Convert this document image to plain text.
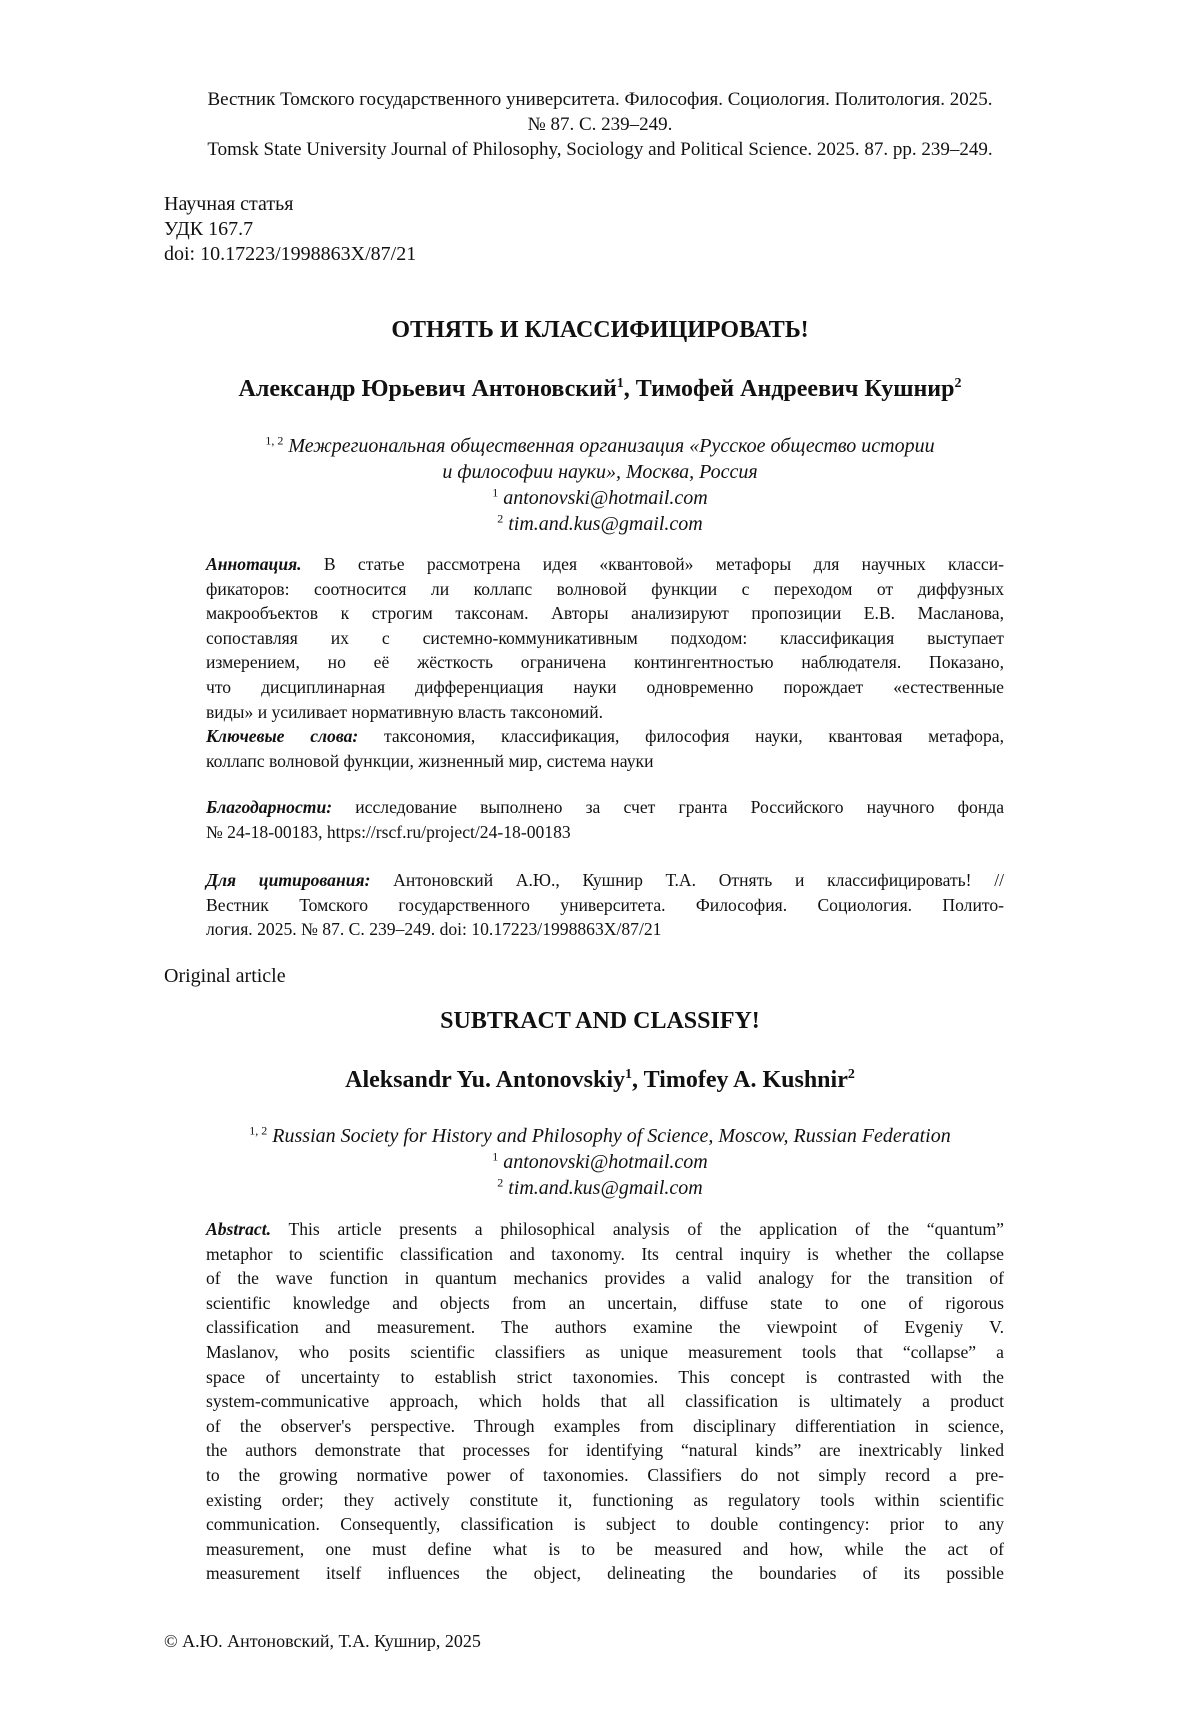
Вестник Томского государственного университета. Философия. Социология. Политология. 2025.
№ 87. С. 239–249.
Tomsk State University Journal of Philosophy, Sociology and Political Science. 2025. 87. pp. 239–249.
Научная статья
УДК 167.7
doi: 10.17223/1998863X/87/21
ОТНЯТЬ И КЛАССИФИЦИРОВАТЬ!
Александр Юрьевич Антоновский$^1$, Тимофей Андреевич Кушнир$^2$
$^{1, 2}$ Межрегиональная общественная организация «Русское общество истории
и философии науки», Москва, Россия
$^1$ antonovski@hotmail.com
$^2$ tim.and.kus@gmail.com
Аннотация. В статье рассмотрена идея «квантовой» метафоры для научных класси-
фикаторов: соотносится ли коллапс волновой функции с переходом от диффузных
макрообъектов к строгим таксонам. Авторы анализируют пропозиции Е.В. Масланова,
сопоставляя их с системно-коммуникативным подходом: классификация выступает
измерением, но её жёсткость ограничена контингентностью наблюдателя. Показано,
что дисциплинарная дифференциация науки одновременно порождает «естественные
виды» и усиливает нормативную власть таксономий.
Ключевые слова: таксономия, классификация, философия науки, квантовая метафора,
коллапс волновой функции, жизненный мир, система науки
Благодарности: исследование выполнено за счет гранта Российского научного фонда
№ 24-18-00183, https://rscf.ru/project/24-18-00183
Для цитирования: Антоновский А.Ю., Кушнир Т.А. Отнять и классифицировать! //
Вестник Томского государственного университета. Философия. Социология. Полито-
логия. 2025. № 87. С. 239–249. doi: 10.17223/1998863X/87/21
Original article
SUBTRACT AND CLASSIFY!
Aleksandr Yu. Antonovskiy$^1$, Timofey A. Kushnir$^2$
$^{1, 2}$ Russian Society for History and Philosophy of Science, Moscow, Russian Federation
$^1$ antonovski@hotmail.com
$^2$ tim.and.kus@gmail.com
Abstract. This article presents a philosophical analysis of the application of the “quantum”
metaphor to scientific classification and taxonomy. Its central inquiry is whether the collapse
of the wave function in quantum mechanics provides a valid analogy for the transition of
scientific knowledge and objects from an uncertain, diffuse state to one of rigorous
classification and measurement. The authors examine the viewpoint of Evgeniy V.
Maslanov, who posits scientific classifiers as unique measurement tools that “collapse” a
space of uncertainty to establish strict taxonomies. This concept is contrasted with the
system-communicative approach, which holds that all classification is ultimately a product
of the observer's perspective. Through examples from disciplinary differentiation in science,
the authors demonstrate that processes for identifying “natural kinds” are inextricably linked
to the growing normative power of taxonomies. Classifiers do not simply record a pre-
existing order; they actively constitute it, functioning as regulatory tools within scientific
communication. Consequently, classification is subject to double contingency: prior to any
measurement, one must define what is to be measured and how, while the act of
measurement itself influences the object, delineating the boundaries of its possible
© А.Ю. Антоновский, Т.А. Кушнир, 2025
